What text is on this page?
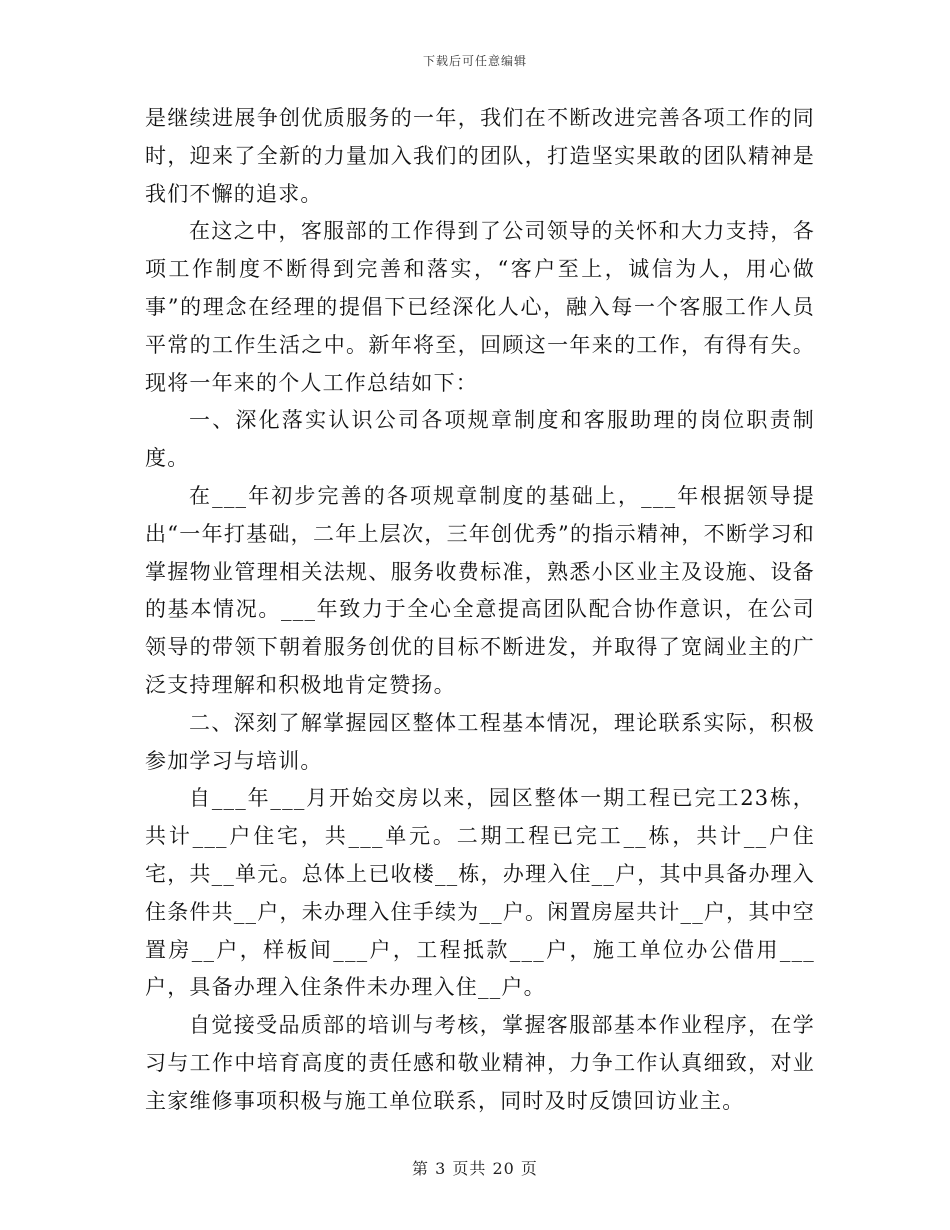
下载后可任意编辑

是继续进展争创优质服务的一年，我们在不断改进完善各项工作的同时，迎来了全新的力量加入我们的团队，打造坚实果敢的团队精神是我们不懈的追求。

在这之中，客服部的工作得到了公司领导的关怀和大力支持，各项工作制度不断得到完善和落实，“客户至上，诚信为人，用心做事”的理念在经理的提倡下已经深化人心，融入每一个客服工作人员平常的工作生活之中。新年将至，回顾这一年来的工作，有得有失。现将一年来的个人工作总结如下：

一、深化落实认识公司各项规章制度和客服助理的岗位职责制度。

在___年初步完善的各项规章制度的基础上，___年根据领导提出“一年打基础，二年上层次，三年创优秀”的指示精神，不断学习和掌握物业管理相关法规、服务收费标准，熟悉小区业主及设施、设备的基本情况。___年致力于全心全意提高团队配合协作意识，在公司领导的带领下朝着服务创优的目标不断进发，并取得了宽阔业主的广泛支持理解和积极地肯定赞扬。

二、深刻了解掌握园区整体工程基本情况，理论联系实际，积极参加学习与培训。

自___年___月开始交房以来，园区整体一期工程已完工23栋，共计___户住宅，共___单元。二期工程已完工__栋，共计__户住宅，共__单元。总体上已收楼__栋，办理入住__户，其中具备办理入住条件共__户，未办理入住手续为__户。闲置房屋共计__户，其中空置房__户，样板间___户，工程抵款___户，施工单位办公借用___户，具备办理入住条件未办理入住__户。

自觉接受品质部的培训与考核，掌握客服部基本作业程序，在学习与工作中培育高度的责任感和敬业精神，力争工作认真细致，对业主家维修事项积极与施工单位联系，同时及时反馈回访业主。

第 3 页共 20 页
